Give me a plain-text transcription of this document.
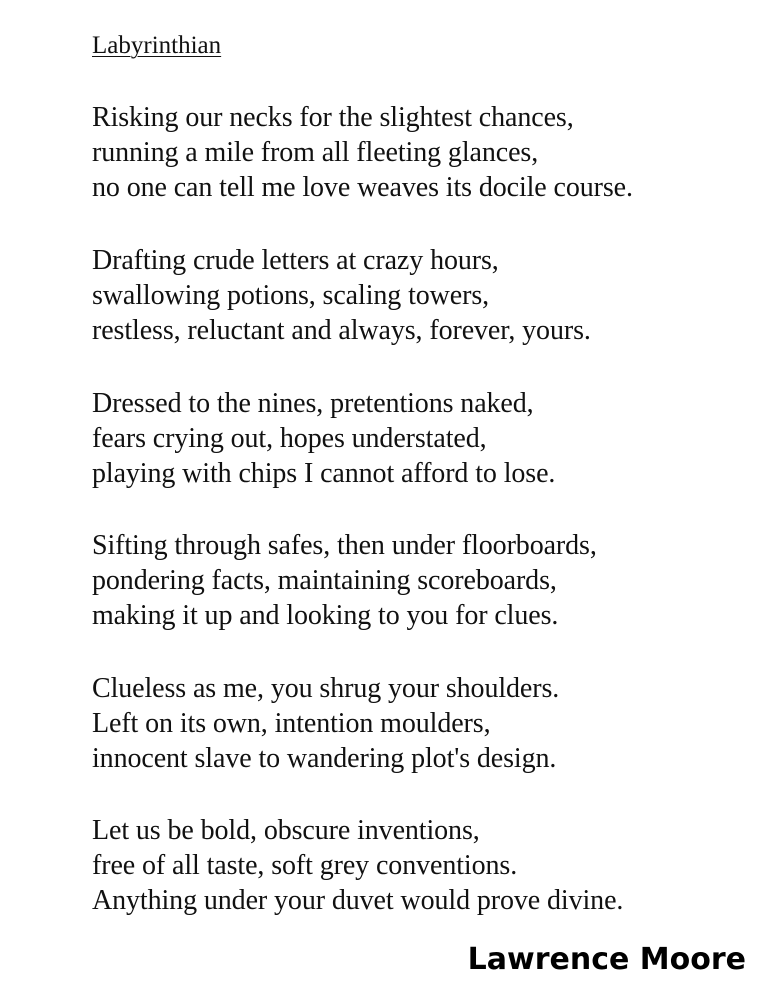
Labyrinthian
Risking our necks for the slightest chances,
running a mile from all fleeting glances,
no one can tell me love weaves its docile course.
Drafting crude letters at crazy hours,
swallowing potions, scaling towers,
restless, reluctant and always, forever, yours.
Dressed to the nines, pretentions naked,
fears crying out, hopes understated,
playing with chips I cannot afford to lose.
Sifting through safes, then under floorboards,
pondering facts, maintaining scoreboards,
making it up and looking to you for clues.
Clueless as me, you shrug your shoulders.
Left on its own, intention moulders,
innocent slave to wandering plot's design.
Let us be bold, obscure inventions,
free of all taste, soft grey conventions.
Anything under your duvet would prove divine.

Lawrence Moore
